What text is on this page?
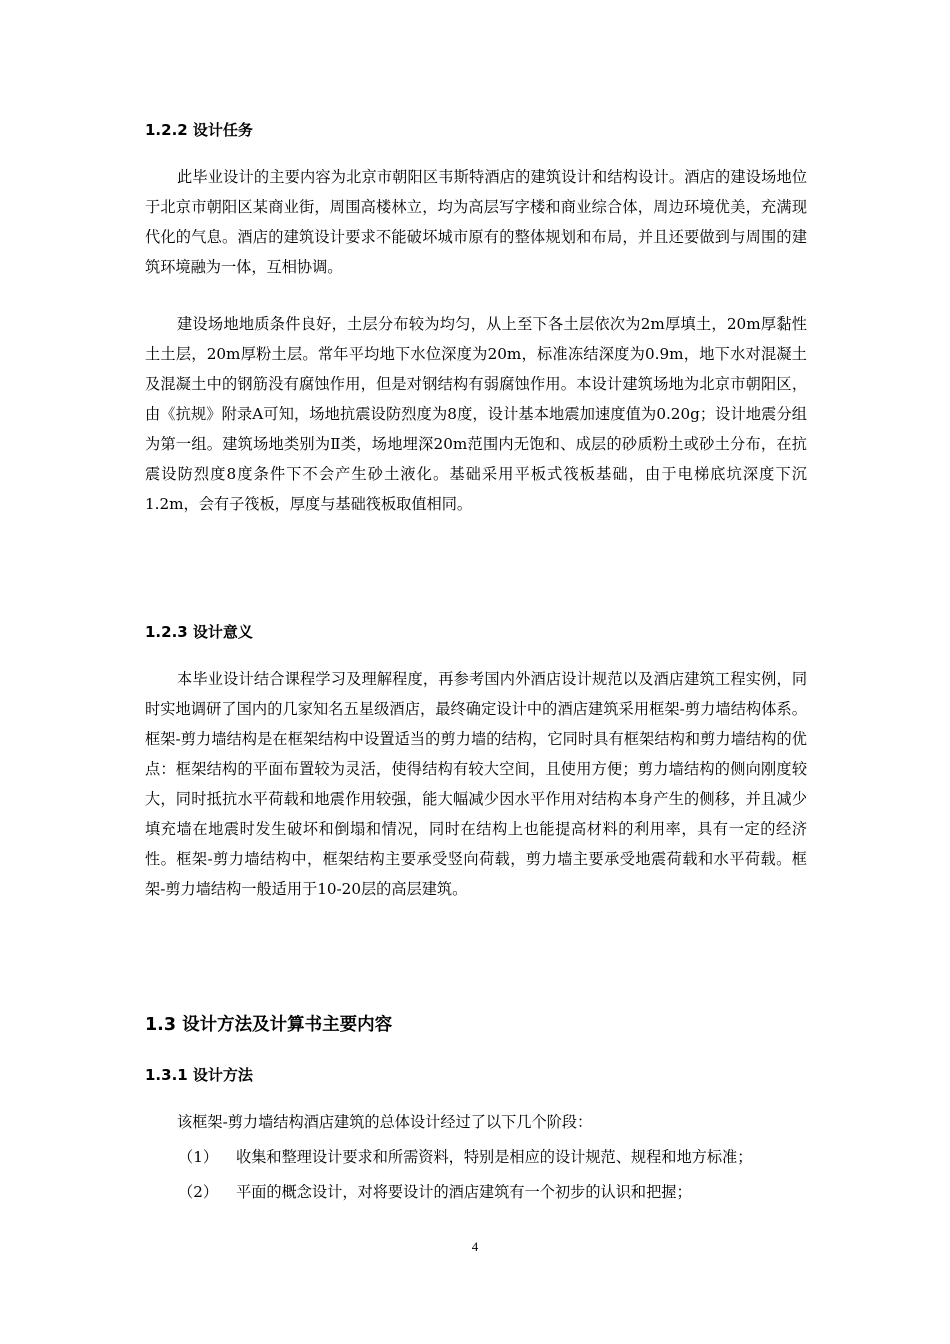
1.2.2 设计任务
此毕业设计的主要内容为北京市朝阳区韦斯特酒店的建筑设计和结构设计。酒店的建设场地位于北京市朝阳区某商业街，周围高楼林立，均为高层写字楼和商业综合体，周边环境优美，充满现代化的气息。酒店的建筑设计要求不能破坏城市原有的整体规划和布局，并且还要做到与周围的建筑环境融为一体，互相协调。
建设场地地质条件良好，土层分布较为均匀，从上至下各土层依次为2m厚填土，20m厚黏性土土层，20m厚粉土层。常年平均地下水位深度为20m，标准冻结深度为0.9m，地下水对混凝土及混凝土中的钢筋没有腐蚀作用，但是对钢结构有弱腐蚀作用。本设计建筑场地为北京市朝阳区，由《抗规》附录A可知，场地抗震设防烈度为8度，设计基本地震加速度值为0.20g；设计地震分组为第一组。建筑场地类别为Ⅱ类，场地埋深20m范围内无饱和、成层的砂质粉土或砂土分布，在抗震设防烈度8度条件下不会产生砂土液化。基础采用平板式筏板基础，由于电梯底坑深度下沉1.2m，会有子筏板，厚度与基础筏板取值相同。
1.2.3 设计意义
本毕业设计结合课程学习及理解程度，再参考国内外酒店设计规范以及酒店建筑工程实例，同时实地调研了国内的几家知名五星级酒店，最终确定设计中的酒店建筑采用框架-剪力墙结构体系。框架-剪力墙结构是在框架结构中设置适当的剪力墙的结构，它同时具有框架结构和剪力墙结构的优点：框架结构的平面布置较为灵活，使得结构有较大空间，且使用方便；剪力墙结构的侧向刚度较大，同时抵抗水平荷载和地震作用较强，能大幅减少因水平作用对结构本身产生的侧移，并且减少填充墙在地震时发生破坏和倒塌和情况，同时在结构上也能提高材料的利用率，具有一定的经济性。框架-剪力墙结构中，框架结构主要承受竖向荷载，剪力墙主要承受地震荷载和水平荷载。框架-剪力墙结构一般适用于10-20层的高层建筑。
1.3 设计方法及计算书主要内容
1.3.1 设计方法
该框架-剪力墙结构酒店建筑的总体设计经过了以下几个阶段：
（1） 收集和整理设计要求和所需资料，特别是相应的设计规范、规程和地方标准；
（2） 平面的概念设计，对将要设计的酒店建筑有一个初步的认识和把握；
4
